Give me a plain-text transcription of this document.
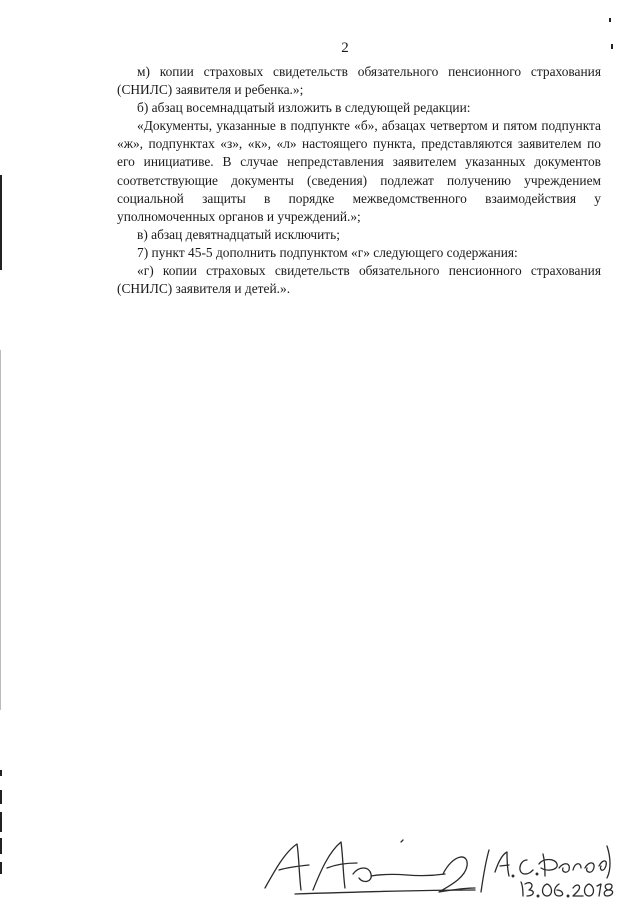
2

м) копии страховых свидетельств обязательного пенсионного страхования (СНИЛС) заявителя и ребенка.»;

б) абзац восемнадцатый изложить в следующей редакции:

«Документы, указанные в подпункте «б», абзацах четвертом и пятом подпункта «ж», подпунктах «з», «к», «л» настоящего пункта, представляются заявителем по его инициативе. В случае непредставления заявителем указанных документов соответствующие документы (сведения) подлежат получению учреждением социальной защиты в порядке межведомственного взаимодействия у уполномоченных органов и учреждений.»;

в) абзац девятнадцатый исключить;

7) пункт 45-5 дополнить подпунктом «г» следующего содержания:

«г) копии страховых свидетельств обязательного пенсионного страхования (СНИЛС) заявителя и детей.».
